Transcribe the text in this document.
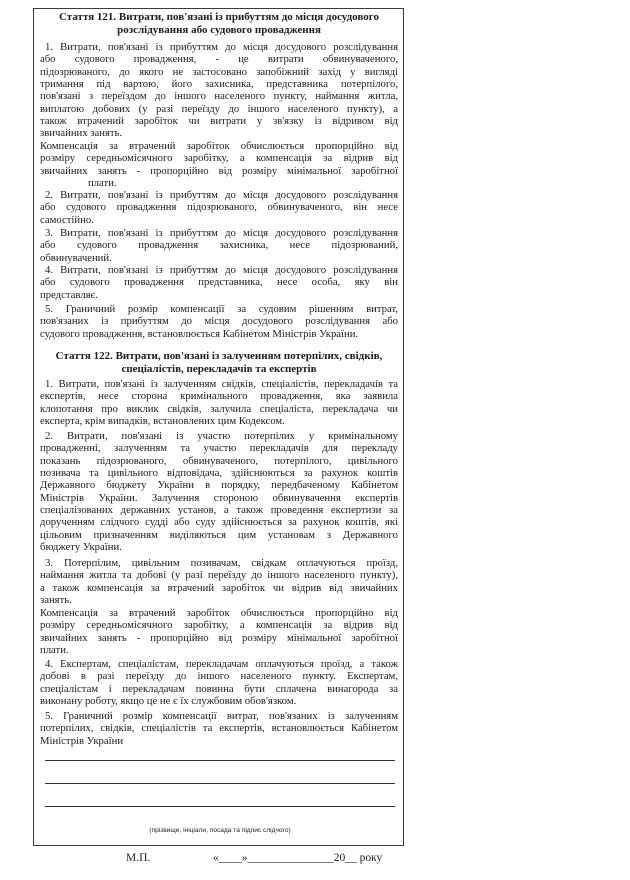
Стаття 121. Витрати, пов'язані із прибуттям до місця досудового
розслідування або судового провадження
1. Витрати, пов'язані із прибуттям до місця досудового розслідування
або судового провадження, - це витрати обвинуваченого,
підозрюваного, до якого не застосовано запобіжний захід у вигляді
тримання під вартою, його захисника, представника потерпілого,
пов'язані з переїздом до іншого населеного пункту, наймання житла,
виплатою добових (у разі переїзду до іншого населеного пункту), а
також втрачений заробіток чи витрати у зв'язку із відривом від
звичайних занять.
Компенсація за втрачений заробіток обчислюється пропорційно від
розміру середньомісячного заробітку, а компенсація за відрив від
звичайних занять - пропорційно від розміру мінімальної заробітної
плати.
2. Витрати, пов'язані із прибуттям до місця досудового розслідування
або судового провадження підозрюваного, обвинуваченого, він несе
самостійно.
3. Витрати, пов'язані із прибуттям до місця досудового розслідування
або судового провадження захисника, несе підозрюваний,
обвинувачений.
4. Витрати, пов'язані із прибуттям до місця досудового розслідування
або судового провадження представника, несе особа, яку він
представляє.
5. Граничний розмір компенсації за судовим рішенням витрат,
пов'язаних із прибуттям до місця досудового розслідування або
судового провадження, встановлюється Кабінетом Міністрів України.
Стаття 122. Витрати, пов'язані із залученням потерпілих, свідків,
спеціалістів, перекладачів та експертів
1. Витрати, пов'язані із залученням свідків, спеціалістів, перекладачів та
експертів, несе сторона кримінального провадження, яка заявила
клопотання про виклик свідків, залучила спеціаліста, перекладача чи
експерта, крім випадків, встановлених цим Кодексом.
2. Витрати, пов'язані із участю потерпілих у кримінальному
провадженні, залученням та участю перекладачів для перекладу
показань підозрюваного, обвинуваченого, потерпілого, цивільного
позивача та цивільного відповідача, здійснюються за рахунок коштів
Державного бюджету України в порядку, передбаченому Кабінетом
Міністрів України. Залучення стороною обвинувачення експертів
спеціалізованих державних установ, а також проведення експертизи за
дорученням слідчого судді або суду здійснюється за рахунок коштів, які
цільовим призначенням виділяються цим установам з Державного
бюджету України.
3. Потерпілим, цивільним позивачам, свідкам оплачуються проїзд,
наймання житла та добові (у разі переїзду до іншого населеного пункту),
а також компенсація за втрачений заробіток чи відрив від звичайних
занять.
Компенсація за втрачений заробіток обчислюється пропорційно від
розміру середньомісячного заробітку, а компенсація за відрив від
звичайних занять - пропорційно від розміру мінімальної заробітної
плати.
4. Експертам, спеціалістам, перекладачам оплачуються проїзд, а також
добові в разі переїзду до іншого населеного пункту. Експертам,
спеціалістам і перекладачам повинна бути сплачена винагорода за
виконану роботу, якщо це не є їх службовим обов'язком.
5. Граничний розмір компенсації витрат, пов'язаних із залученням
потерпілих, свідків, спеціалістів та експертів, встановлюється Кабінетом
Міністрів України
(прізвище, ініціали, посада та підпис слідчого)
М.П.	«____»_______________20__ року
